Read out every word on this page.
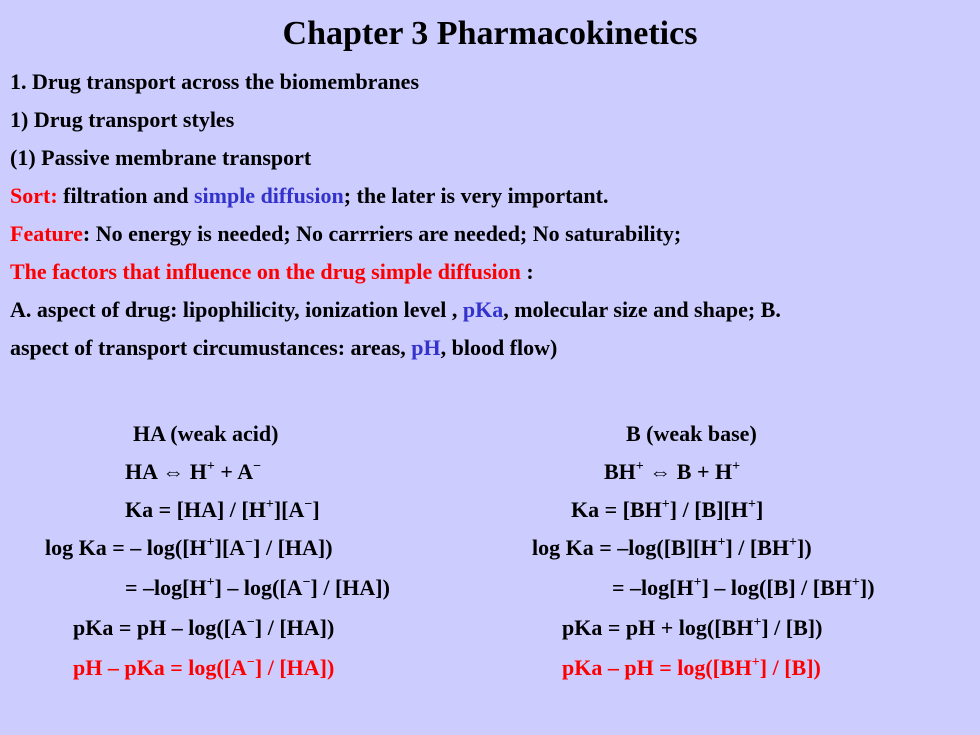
Chapter 3 Pharmacokinetics
1. Drug transport across the biomembranes
1) Drug transport styles
(1) Passive membrane transport
Sort: filtration and simple diffusion; the later is very important.
Feature: No energy is needed; No carrriers are needed; No saturability;
The factors that influence on the drug simple diffusion :
A. aspect of drug: lipophilicity, ionization level , pKa, molecular size and shape; B.
aspect of transport circumustances: areas, pH, blood flow)
HA (weak acid)
HA ⇔ H+ + A−
Ka = [HA] / [H+][A−]
log Ka = – log([H+][A−] / [HA])
= –log[H+] – log([A−] / [HA])
pKa = pH – log([A−] / [HA])
pH – pKa = log([A−] / [HA])
B (weak base)
BH+ ⇔ B + H+
Ka = [BH+] / [B][H+]
log Ka = –log([B][H+] / [BH+])
= –log[H+] – log([B] / [BH+])
pKa = pH + log([BH+] / [B])
pKa – pH = log([BH+] / [B])
